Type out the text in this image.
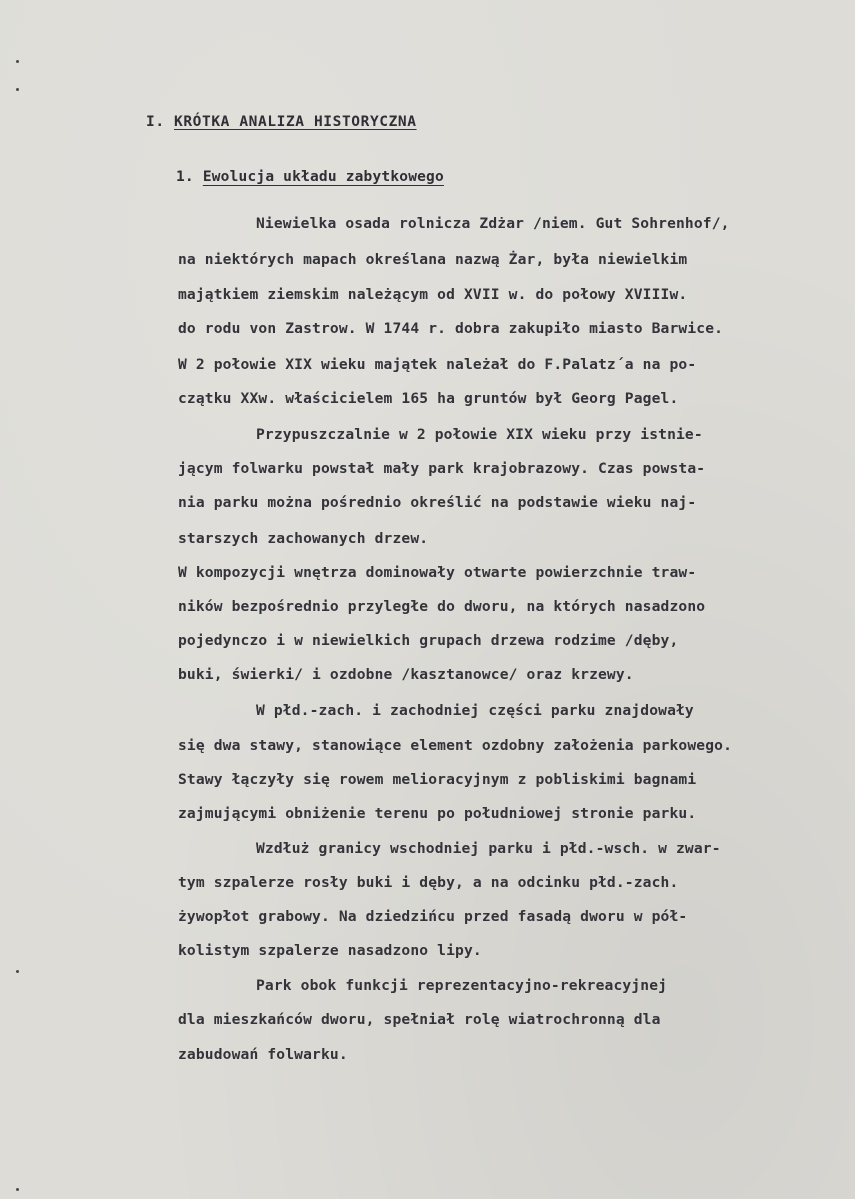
I. KRÓTKA ANALIZA HISTORYCZNA
1. Ewolucja układu zabytkowego
Niewielka osada rolnicza Zdżar /niem. Gut Sohrenhof/,
na niektórych mapach określana nazwą Żar, była niewielkim
majątkiem ziemskim należącym od XVII w. do połowy XVIIIw.
do rodu von Zastrow. W 1744 r. dobra zakupiło miasto Barwice.
W 2 połowie XIX wieku majątek należał do F.Palatz´a na po-
czątku XXw. właścicielem 165 ha gruntów był Georg Pagel.
Przypuszczalnie w 2 połowie XIX wieku przy istnie-
jącym folwarku powstał mały park krajobrazowy. Czas powsta-
nia parku można pośrednio określić na podstawie wieku naj-
starszych zachowanych drzew.
W kompozycji wnętrza dominowały otwarte powierzchnie traw-
ników bezpośrednio przyległe do dworu, na których nasadzono
pojedynczo i w niewielkich grupach drzewa rodzime /dęby,
buki, świerki/ i ozdobne /kasztanowce/ oraz krzewy.
W płd.-zach. i zachodniej części parku znajdowały
się dwa stawy, stanowiące element ozdobny założenia parkowego.
Stawy łączyły się rowem melioracyjnym z pobliskimi bagnami
zajmującymi obniżenie terenu po południowej stronie parku.
Wzdłuż granicy wschodniej parku i płd.-wsch. w zwar-
tym szpalerze rosły buki i dęby, a na odcinku płd.-zach.
żywopłot grabowy. Na dziedzińcu przed fasadą dworu w pół-
kolistym szpalerze nasadzono lipy.
Park obok funkcji reprezentacyjno-rekreacyjnej
dla mieszkańców dworu, spełniał rolę wiatrochronną dla
zabudowań folwarku.
